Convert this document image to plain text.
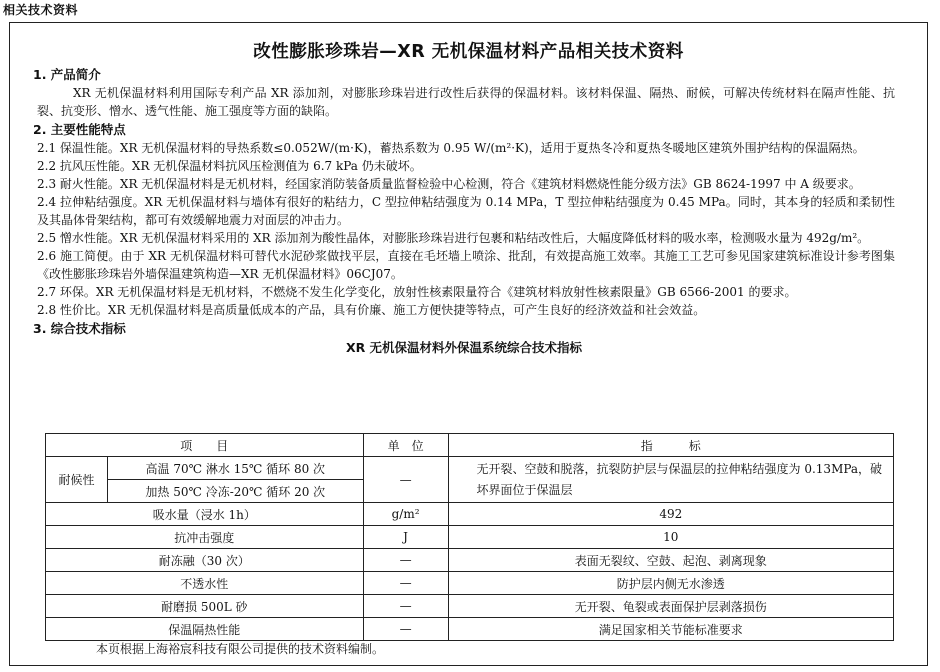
相关技术资料
改性膨胀珍珠岩—XR 无机保温材料产品相关技术资料
1. 产品简介
XR 无机保温材料利用国际专利产品 XR 添加剂，对膨胀珍珠岩进行改性后获得的保温材料。该材料保温、隔热、耐候，可解决传统材料在隔声性能、抗裂、抗变形、憎水、透气性能、施工强度等方面的缺陷。
2. 主要性能特点
2.1 保温性能。XR 无机保温材料的导热系数≤0.052W/(m·K)，蓄热系数为 0.95 W/(m²·K)，适用于夏热冬冷和夏热冬暖地区建筑外围护结构的保温隔热。
2.2 抗风压性能。XR 无机保温材料抗风压检测值为 6.7 kPa 仍未破坏。
2.3 耐火性能。XR 无机保温材料是无机材料，经国家消防装备质量监督检验中心检测，符合《建筑材料燃烧性能分级方法》GB 8624-1997 中 A 级要求。
2.4 拉伸粘结强度。XR 无机保温材料与墙体有很好的粘结力，C 型拉伸粘结强度为 0.14 MPa，T 型拉伸粘结强度为 0.45 MPa。同时，其本身的轻质和柔韧性及其晶体骨架结构，都可有效缓解地震力对面层的冲击力。
2.5 憎水性能。XR 无机保温材料采用的 XR 添加剂为酸性晶体，对膨胀珍珠岩进行包裹和粘结改性后，大幅度降低材料的吸水率，检测吸水量为 492g/m²。
2.6 施工简便。由于 XR 无机保温材料可替代水泥砂浆做找平层，直接在毛坯墙上喷涂、批刮，有效提高施工效率。其施工工艺可参见国家建筑标准设计参考图集《改性膨胀珍珠岩外墙保温建筑构造—XR 无机保温材料》06CJ07。
2.7 环保。XR 无机保温材料是无机材料，不燃烧不发生化学变化，放射性核素限量符合《建筑材料放射性核素限量》GB 6566-2001 的要求。
2.8 性价比。XR 无机保温材料是高质量低成本的产品，具有价廉、施工方便快捷等特点，可产生良好的经济效益和社会效益。
3. 综合技术指标
XR 无机保温材料外保温系统综合技术指标
项　　目		单　位	指　　　标
耐候性	高温 70℃ 淋水 15℃ 循环 80 次	—	无开裂、空鼓和脱落，抗裂防护层与保温层的拉伸粘结强度为 0.13MPa，破坏界面位于保温层
	加热 50℃ 冷冻-20℃ 循环 20 次		
吸水量（浸水 1h）		g/m²	492
抗冲击强度		J	10
耐冻融（30 次）		—	表面无裂纹、空鼓、起泡、剥离现象
不透水性		—	防护层内侧无水渗透
耐磨损 500L 砂		—	无开裂、龟裂或表面保护层剥落损伤
保温隔热性能		—	满足国家相关节能标准要求
本页根据上海裕宸科技有限公司提供的技术资料编制。
